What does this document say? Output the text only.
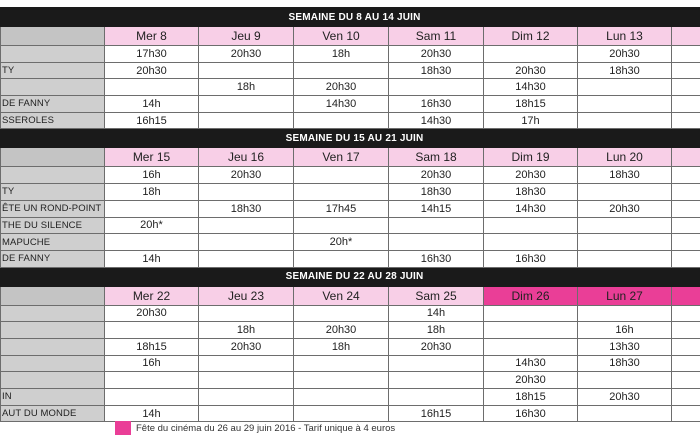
SEMAINE DU 8 AU 14 JUIN							
	Mer 8	Jeu 9	Ven 10	Sam 11	Dim 12	Lun 13	
	17h30	20h30	18h	20h30		20h30	
TY	20h30			18h30	20h30	18h30	
		18h	20h30		14h30		
DE FANNY	14h		14h30	16h30	18h15		
SSEROLES	16h15			14h30	17h		
SEMAINE DU 15 AU 21 JUIN							
	Mer 15	Jeu 16	Ven 17	Sam 18	Dim 19	Lun 20	
	16h	20h30		20h30	20h30	18h30	
TY	18h			18h30	18h30		
ÊTE UN ROND-POINT		18h30	17h45	14h15	14h30	20h30	
THE DU SILENCE	20h*						
MAPUCHE			20h*				
DE FANNY	14h			16h30	16h30		
SEMAINE DU 22 AU 28 JUIN							
	Mer 22	Jeu 23	Ven 24	Sam 25	Dim 26	Lun 27	
	20h30			14h			
		18h	20h30	18h		16h	
	18h15	20h30	18h	20h30		13h30	
	16h				14h30	18h30	
					20h30		
IN					18h15	20h30	
AUT DU MONDE	14h			16h15	16h30		
Fête du cinéma du 26 au 29 juin 2016 - Tarif unique à 4 euros
